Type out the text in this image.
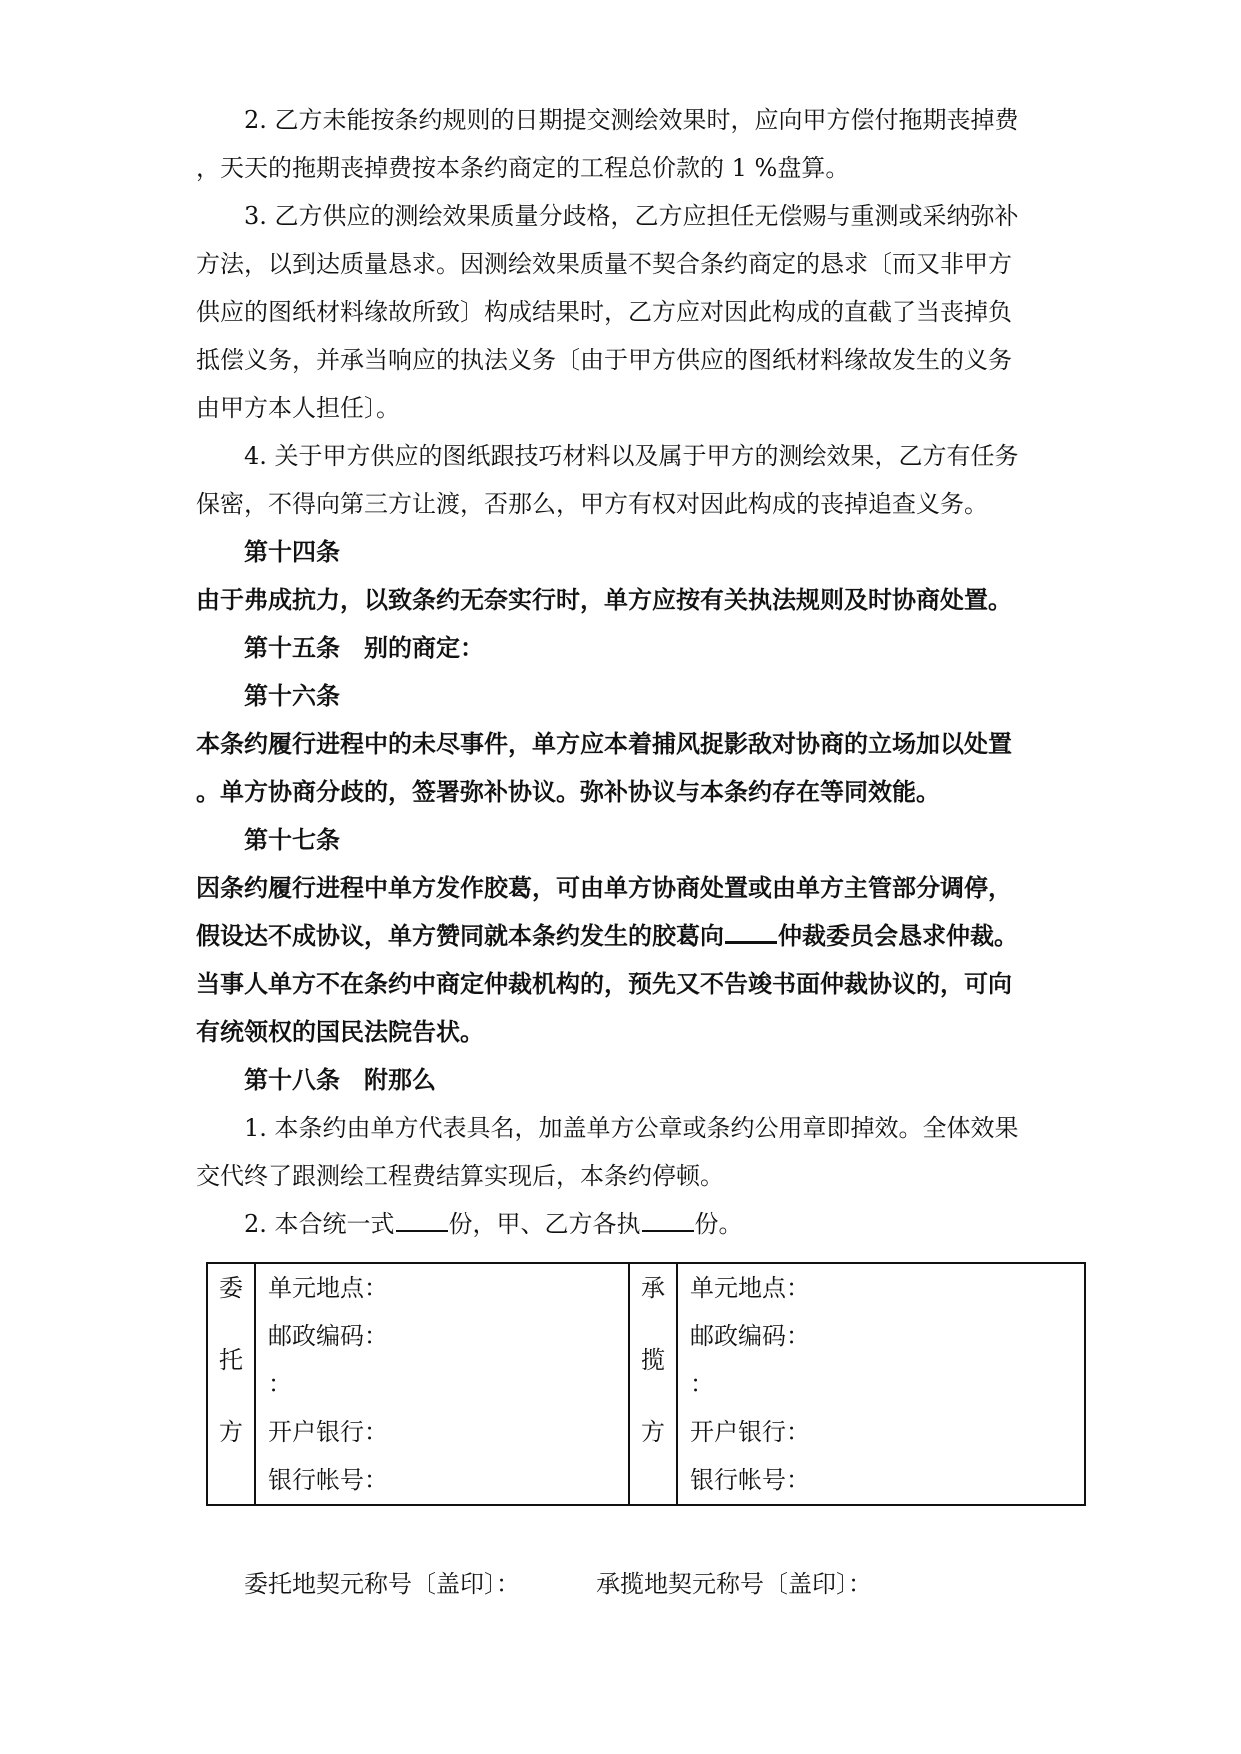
2. 乙方未能按条约规则的日期提交测绘效果时，应向甲方偿付拖期丧掉费
，天天的拖期丧掉费按本条约商定的工程总价款的 1 %盘算。
3. 乙方供应的测绘效果质量分歧格，乙方应担任无偿赐与重测或采纳弥补
方法，以到达质量恳求。因测绘效果质量不契合条约商定的恳求〔而又非甲方
供应的图纸材料缘故所致〕构成结果时，乙方应对因此构成的直截了当丧掉负
抵偿义务，并承当响应的执法义务〔由于甲方供应的图纸材料缘故发生的义务
由甲方本人担任〕。
4. 关于甲方供应的图纸跟技巧材料以及属于甲方的测绘效果，乙方有任务
保密，不得向第三方让渡，否那么，甲方有权对因此构成的丧掉追查义务。
第十四条
由于弗成抗力，以致条约无奈实行时，单方应按有关执法规则及时协商处置。
第十五条　别的商定：
第十六条
本条约履行进程中的未尽事件，单方应本着捕风捉影敌对协商的立场加以处置
。单方协商分歧的，签署弥补协议。弥补协议与本条约存在等同效能。
第十七条
因条约履行进程中单方发作胶葛，可由单方协商处置或由单方主管部分调停，
假设达不成协议，单方赞同就本条约发生的胶葛向 仲裁委员会恳求仲裁。
当事人单方不在条约中商定仲裁机构的，预先又不告竣书面仲裁协议的，可向
有统领权的国民法院告状。
第十八条　附那么
1. 本条约由单方代表具名，加盖单方公章或条约公用章即掉效。全体效果
交代终了跟测绘工程费结算实现后，本条约停顿。
2. 本合统一式 份，甲、乙方各执 份。
委
托
方

单元地点：
邮政编码：
：
开户银行：
银行帐号：

承
揽
方

单元地点：
邮政编码：
：
开户银行：
银行帐号：
委托地契元称号〔盖印〕：	承揽地契元称号〔盖印〕：
